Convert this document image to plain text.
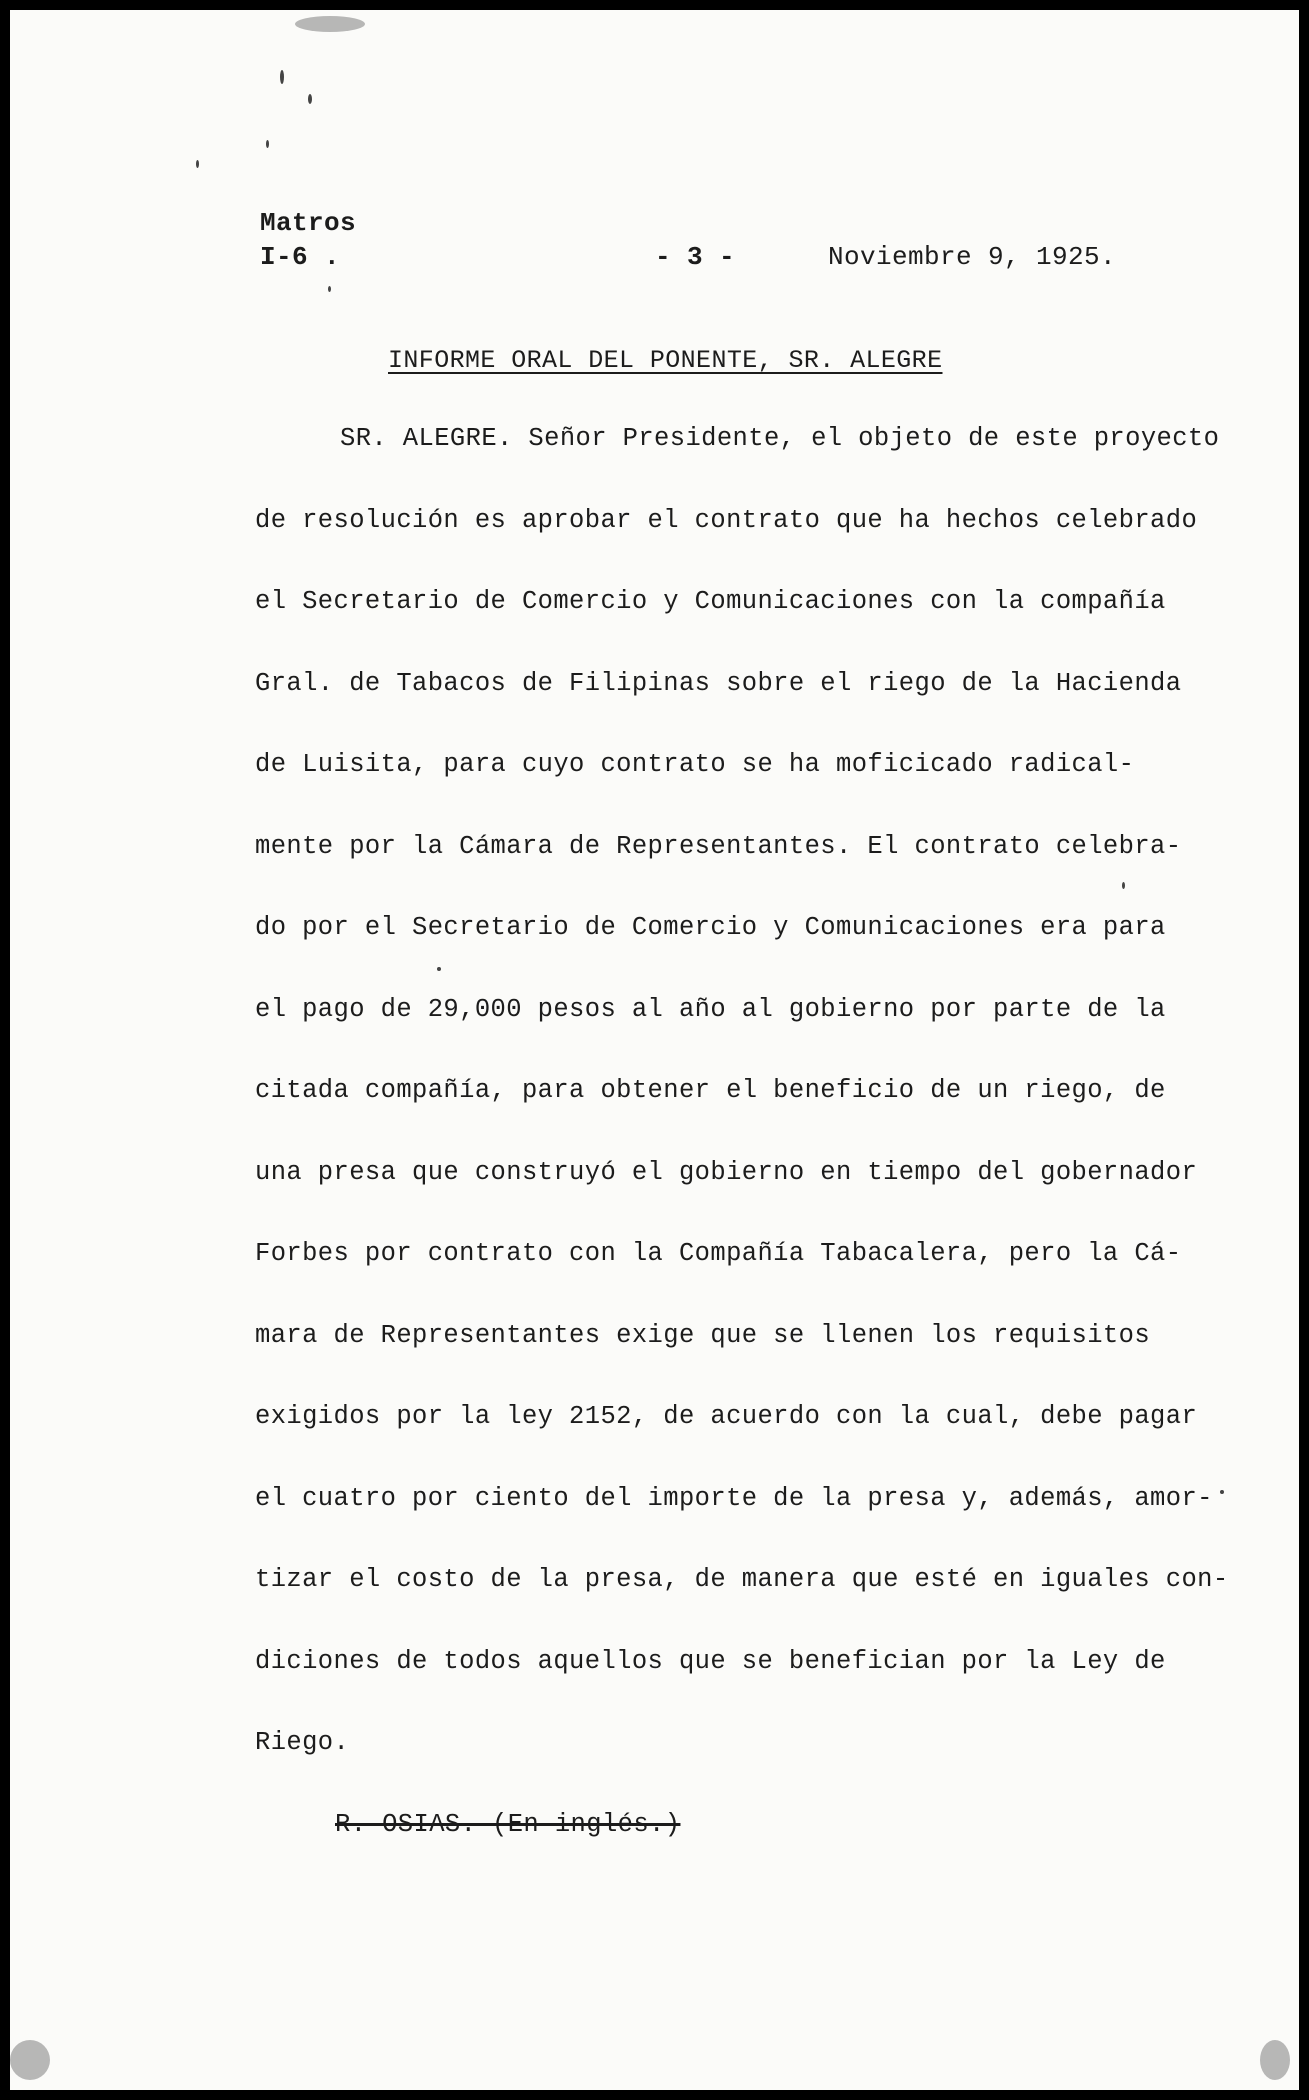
Matros
I-6 .	- 3 -	Noviembre 9, 1925.
INFORME ORAL DEL PONENTE, SR. ALEGRE
SR. ALEGRE. Señor Presidente, el objeto de este proyecto
de resolución es aprobar el contrato que ha hechos celebrado
el Secretario de Comercio y Comunicaciones con la compañía
Gral. de Tabacos de Filipinas sobre el riego de la Hacienda
de Luisita, para cuyo contrato se ha moficicado radical-
mente por la Cámara de Representantes. El contrato celebra-
do por el Secretario de Comercio y Comunicaciones era para
el pago de 29,000 pesos al año al gobierno por parte de la
citada compañía, para obtener el beneficio de un riego, de
una presa que construyó el gobierno en tiempo del gobernador
Forbes por contrato con la Compañía Tabacalera, pero la Cá-
mara de Representantes exige que se llenen los requisitos
exigidos por la ley 2152, de acuerdo con la cual, debe pagar
el cuatro por ciento del importe de la presa y, además, amor-
tizar el costo de la presa, de manera que esté en iguales con-
diciones de todos aquellos que se benefician por la Ley de
Riego.
R. OSIAS. (En inglés.)
